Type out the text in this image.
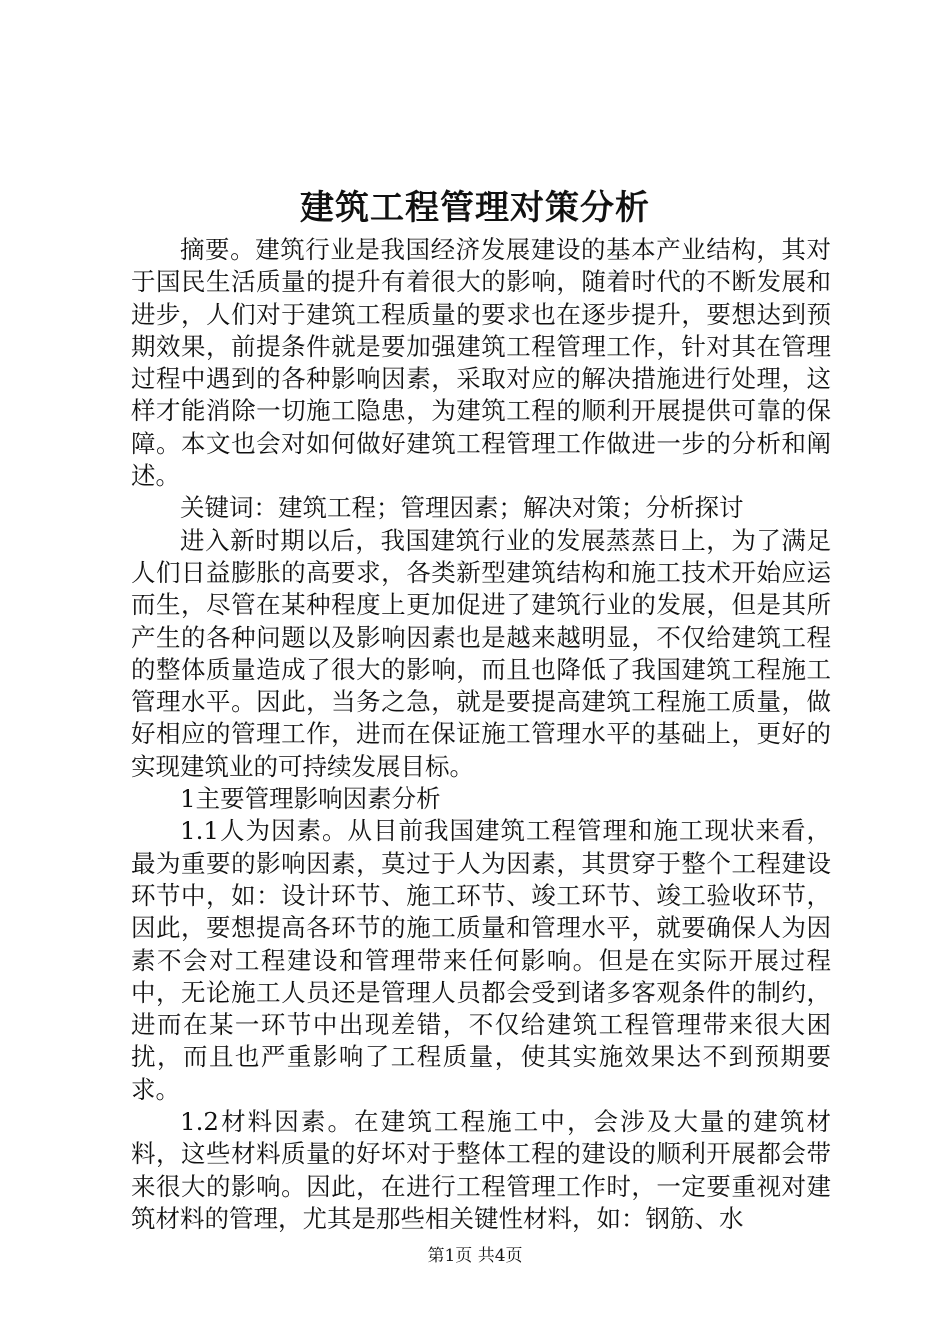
建筑工程管理对策分析

摘要。建筑行业是我国经济发展建设的基本产业结构，其对于国民生活质量的提升有着很大的影响，随着时代的不断发展和进步，人们对于建筑工程质量的要求也在逐步提升，要想达到预期效果，前提条件就是要加强建筑工程管理工作，针对其在管理过程中遇到的各种影响因素，采取对应的解决措施进行处理，这样才能消除一切施工隐患，为建筑工程的顺利开展提供可靠的保障。本文也会对如何做好建筑工程管理工作做进一步的分析和阐述。

关键词：建筑工程；管理因素；解决对策；分析探讨

进入新时期以后，我国建筑行业的发展蒸蒸日上，为了满足人们日益膨胀的高要求，各类新型建筑结构和施工技术开始应运而生，尽管在某种程度上更加促进了建筑行业的发展，但是其所产生的各种问题以及影响因素也是越来越明显，不仅给建筑工程的整体质量造成了很大的影响，而且也降低了我国建筑工程施工管理水平。因此，当务之急，就是要提高建筑工程施工质量，做好相应的管理工作，进而在保证施工管理水平的基础上，更好的实现建筑业的可持续发展目标。

1主要管理影响因素分析

1.1人为因素。从目前我国建筑工程管理和施工现状来看，最为重要的影响因素，莫过于人为因素，其贯穿于整个工程建设环节中，如：设计环节、施工环节、竣工环节、竣工验收环节，因此，要想提高各环节的施工质量和管理水平，就要确保人为因素不会对工程建设和管理带来任何影响。但是在实际开展过程中，无论施工人员还是管理人员都会受到诸多客观条件的制约，进而在某一环节中出现差错，不仅给建筑工程管理带来很大困扰，而且也严重影响了工程质量，使其实施效果达不到预期要求。

1.2材料因素。在建筑工程施工中，会涉及大量的建筑材料，这些材料质量的好坏对于整体工程的建设的顺利开展都会带来很大的影响。因此，在进行工程管理工作时，一定要重视对建筑材料的管理，尤其是那些相关键性材料，如：钢筋、水

第1页 共4页
